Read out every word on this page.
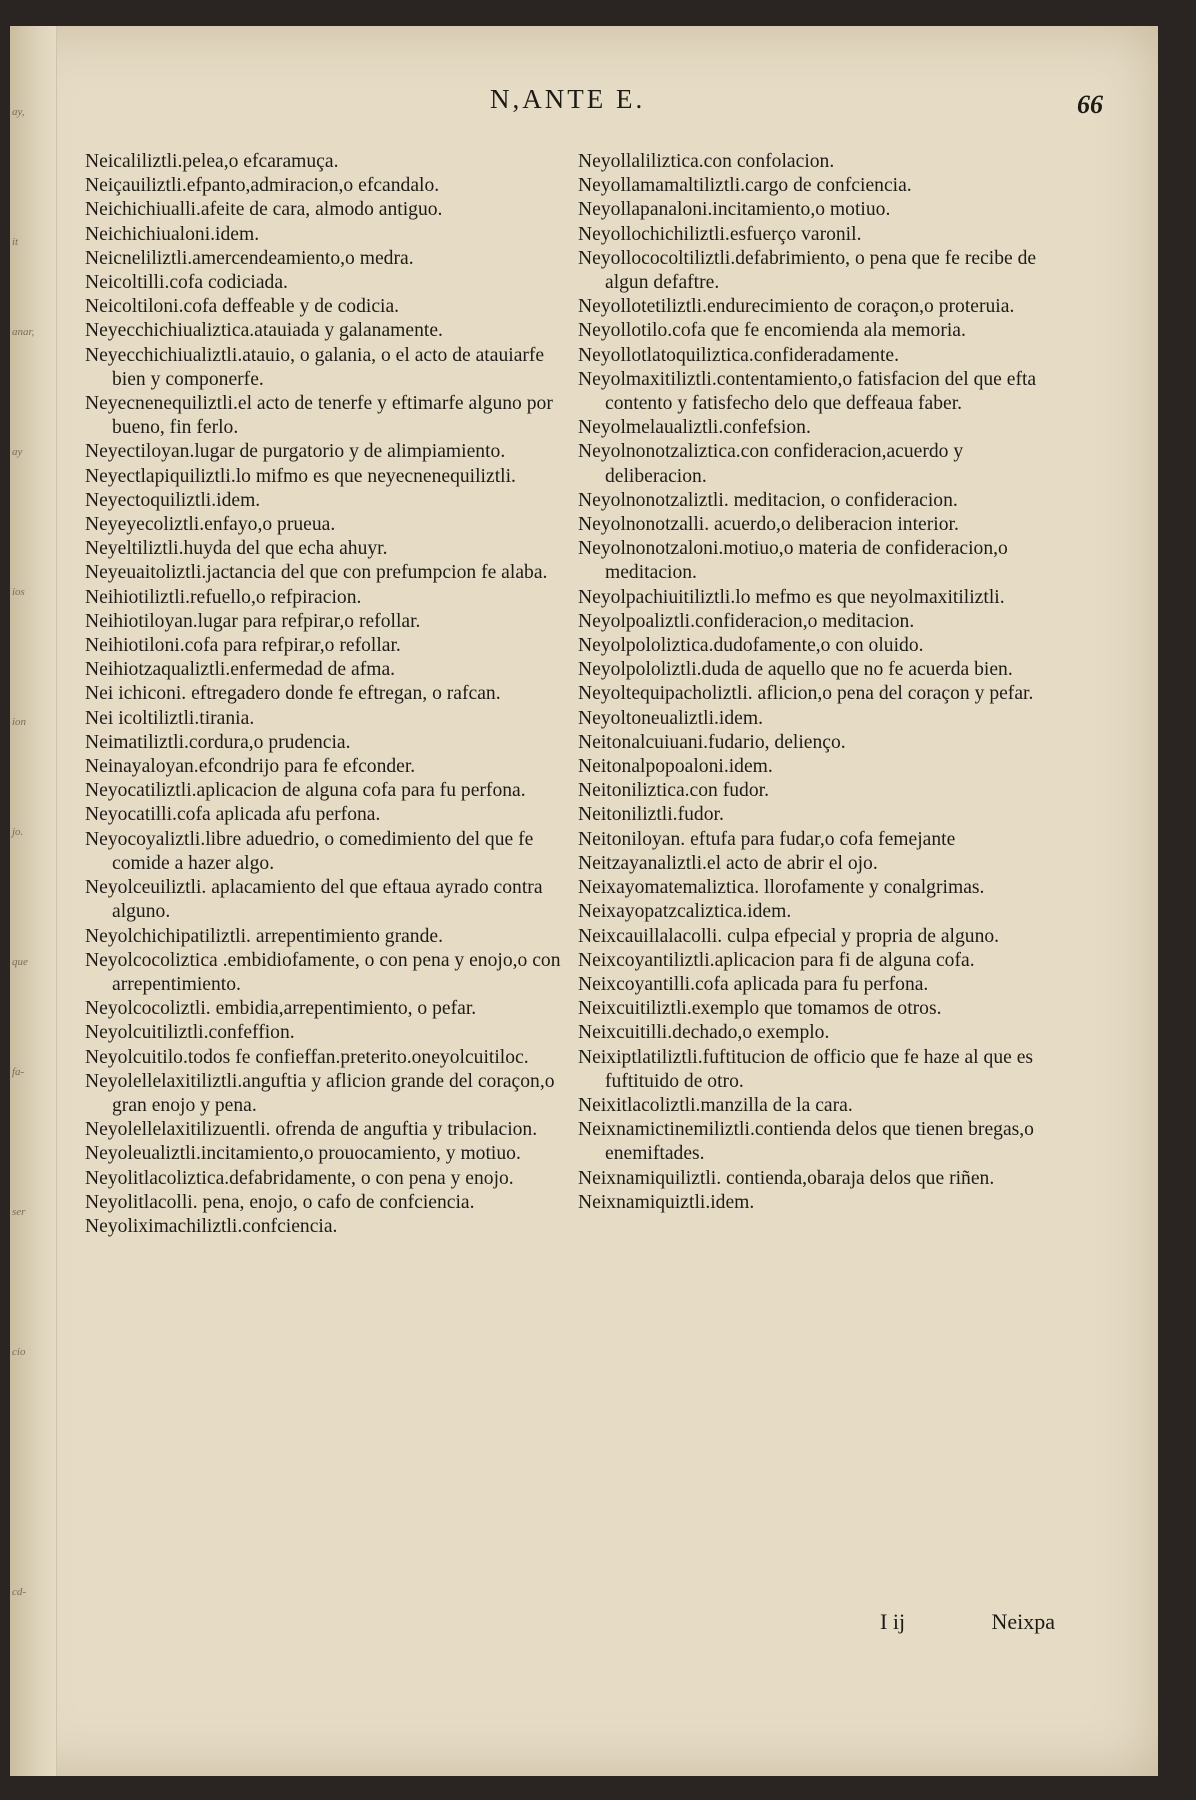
ay,
it
anar,
ay
ios
ion
jo.
que
fa-
ser
cio
cd-
N,ANTE E.	66
Neicaliliztli.pelea,o efcaramuça.
Neiçauiliztli.efpanto,admiracion,o efcandalo.
Neichichiualli.afeite de cara, almodo antiguo.
Neichichiualoni.idem.
Neicneliliztli.amercendeamiento,o medra.
Neicoltilli.cofa codiciada.
Neicoltiloni.cofa deffeable y de codicia.
Neyecchichiualiztica.atauiada y galanamente.
Neyecchichiualiztli.atauio, o galania, o el acto de atauiarfe bien y componerfe.
Neyecnenequiliztli.el acto de tenerfe y eftimarfe alguno por bueno, fin ferlo.
Neyectiloyan.lugar de purgatorio y de alimpiamiento.
Neyectlapiquiliztli.lo mifmo es que neyecnenequiliztli.
Neyectoquiliztli.idem.
Neyeyecoliztli.enfayo,o prueua.
Neyeltiliztli.huyda del que echa ahuyr.
Neyeuaitoliztli.jactancia del que con prefumpcion fe alaba.
Neihiotiliztli.refuello,o refpiracion.
Neihiotiloyan.lugar para refpirar,o refollar.
Neihiotiloni.cofa para refpirar,o refollar.
Neihiotzaqualiztli.enfermedad de afma.
Nei ichiconi. eftregadero donde fe eftregan, o rafcan.
Nei icoltiliztli.tirania.
Neimatiliztli.cordura,o prudencia.
Neinayaloyan.efcondrijo para fe efconder.
Neyocatiliztli.aplicacion de alguna cofa para fu perfona.
Neyocatilli.cofa aplicada afu perfona.
Neyocoyaliztli.libre aduedrio, o comedimiento del que fe comide a hazer algo.
Neyolceuiliztli. aplacamiento del que eftaua ayrado contra alguno.
Neyolchichipatiliztli. arrepentimiento grande.
Neyolcocoliztica .embidiofamente, o con pena y enojo,o con arrepentimiento.
Neyolcocoliztli. embidia,arrepentimiento, o pefar.
Neyolcuitiliztli.confeffion.
Neyolcuitilo.todos fe confieffan.preterito.oneyolcuitiloc.
Neyolellelaxitiliztli.anguftia y aflicion grande del coraçon,o gran enojo y pena.
Neyolellelaxitilizuentli. ofrenda de anguftia y tribulacion.
Neyoleualiztli.incitamiento,o prouocamiento, y motiuo.
Neyolitlacoliztica.defabridamente, o con pena y enojo.
Neyolitlacolli. pena, enojo, o cafo de confciencia.
Neyoliximachiliztli.confciencia.
Neyollaliliztica.con confolacion.
Neyollamamaltiliztli.cargo de confciencia.
Neyollapanaloni.incitamiento,o motiuo.
Neyollochichiliztli.esfuerço varonil.
Neyollococoltiliztli.defabrimiento, o pena que fe recibe de algun defaftre.
Neyollotetiliztli.endurecimiento de coraçon,o proteruia.
Neyollotilo.cofa que fe encomienda ala memoria.
Neyollotlatoquiliztica.confideradamente.
Neyolmaxitiliztli.contentamiento,o fatisfacion del que efta contento y fatisfecho delo que deffeaua faber.
Neyolmelaualiztli.confefsion.
Neyolnonotzaliztica.con confideracion,acuerdo y deliberacion.
Neyolnonotzaliztli. meditacion, o confideracion.
Neyolnonotzalli. acuerdo,o deliberacion interior.
Neyolnonotzaloni.motiuo,o materia de confideracion,o meditacion.
Neyolpachiuitiliztli.lo mefmo es que neyolmaxitiliztli.
Neyolpoaliztli.confideracion,o meditacion.
Neyolpololiztica.dudofamente,o con oluido.
Neyolpololiztli.duda de aquello que no fe acuerda bien.
Neyoltequipacholiztli. aflicion,o pena del coraçon y pefar.
Neyoltoneualiztli.idem.
Neitonalcuiuani.fudario, delienço.
Neitonalpopoaloni.idem.
Neitoniliztica.con fudor.
Neitoniliztli.fudor.
Neitoniloyan. eftufa para fudar,o cofa femejante
Neitzayanaliztli.el acto de abrir el ojo.
Neixayomatemaliztica. llorofamente y conalgrimas.
Neixayopatzcaliztica.idem.
Neixcauillalacolli. culpa efpecial y propria de alguno.
Neixcoyantiliztli.aplicacion para fi de alguna cofa.
Neixcoyantilli.cofa aplicada para fu perfona.
Neixcuitiliztli.exemplo que tomamos de otros.
Neixcuitilli.dechado,o exemplo.
Neixiptlatiliztli.fuftitucion de officio que fe haze al que es fuftituido de otro.
Neixitlacoliztli.manzilla de la cara.
Neixnamictinemiliztli.contienda delos que tienen bregas,o enemiftades.
Neixnamiquiliztli. contienda,obaraja delos que riñen.
Neixnamiquiztli.idem.
I ij	Neixpa
